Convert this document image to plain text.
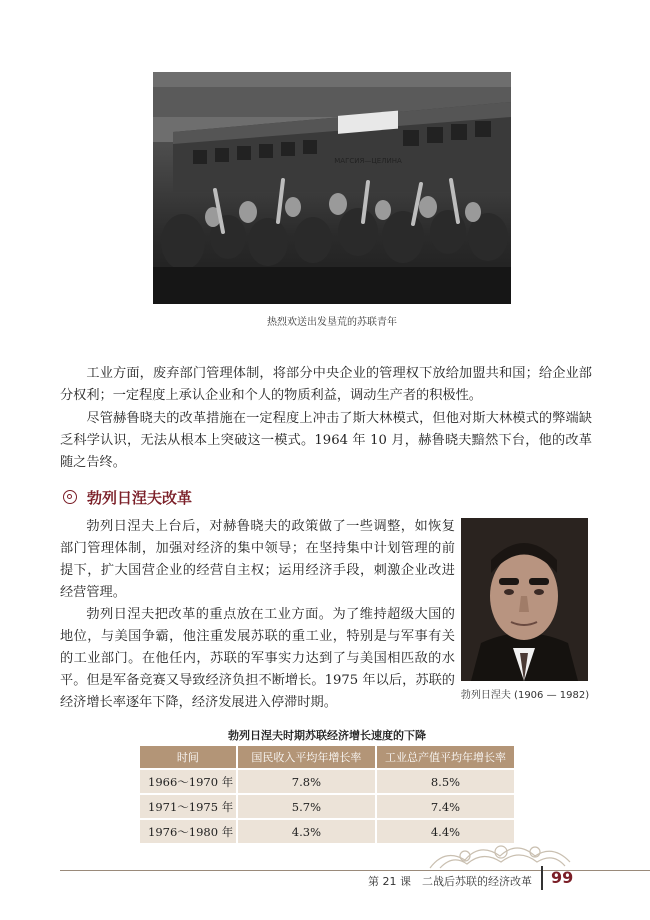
МАГСИЯ—ЦЕЛИНА
热烈欢送出发垦荒的苏联青年

工业方面，废弃部门管理体制，将部分中央企业的管理权下放给加盟共和国；给企业部分权利；一定程度上承认企业和个人的物质利益，调动生产者的积极性。

尽管赫鲁晓夫的改革措施在一定程度上冲击了斯大林模式，但他对斯大林模式的弊端缺乏科学认识，无法从根本上突破这一模式。1964 年 10 月，赫鲁晓夫黯然下台，他的改革随之告终。

勃列日涅夫改革

勃列日涅夫上台后，对赫鲁晓夫的政策做了一些调整，如恢复部门管理体制，加强对经济的集中领导；在坚持集中计划管理的前提下，扩大国营企业的经营自主权；运用经济手段，刺激企业改进经营管理。

勃列日涅夫把改革的重点放在工业方面。为了维持超级大国的地位，与美国争霸，他注重发展苏联的重工业，特别是与军事有关的工业部门。在他任内，苏联的军事实力达到了与美国相匹敌的水平。但是军备竞赛又导致经济负担不断增长。1975 年以后，苏联的经济增长率逐年下降，经济发展进入停滞时期。	勃列日涅夫 (1906 — 1982)
勃列日涅夫时期苏联经济增长速度的下降
时间	国民收入平均年增长率	工业总产值平均年增长率
1966～1970 年	7.8%	8.5%
1971～1975 年	5.7%	7.4%
1976～1980 年	4.3%	4.4%
第 21 课　二战后苏联的经济改革 99
